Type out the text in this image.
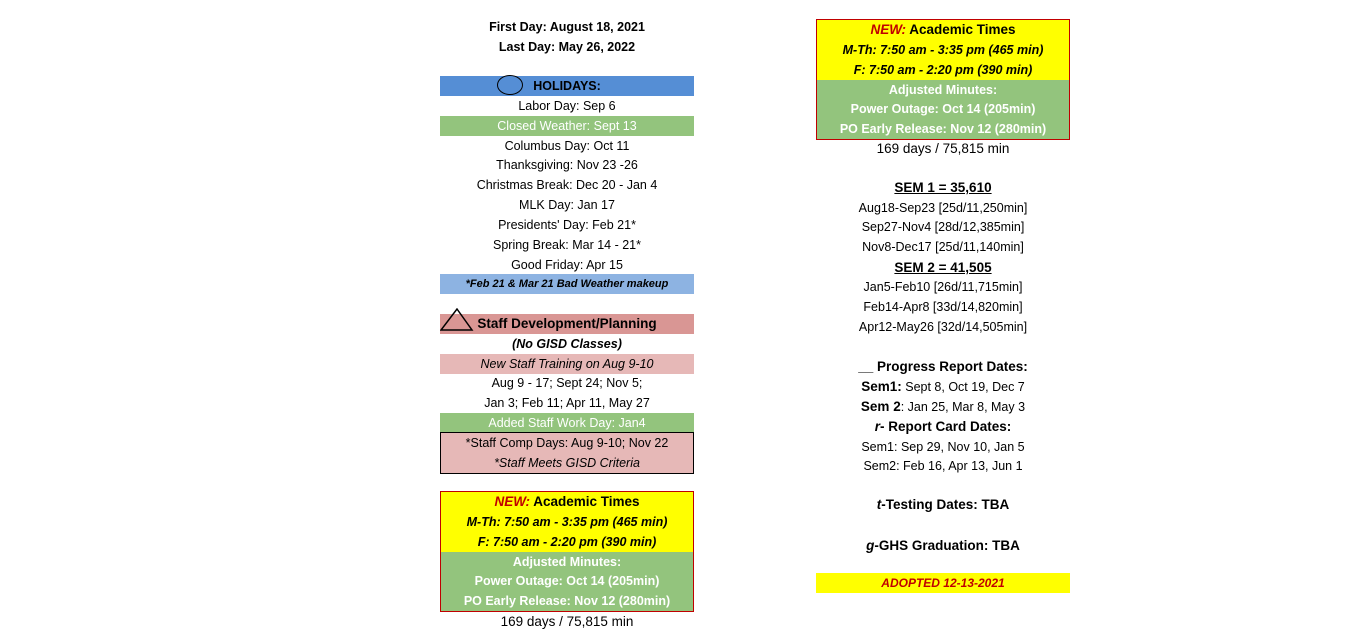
First Day: August 18, 2021
Last Day: May 26, 2022
HOLIDAYS:
Labor Day: Sep 6
Closed Weather: Sept 13
Columbus Day: Oct 11
Thanksgiving: Nov 23 -26
Christmas Break: Dec 20 - Jan 4
MLK Day: Jan 17
Presidents' Day: Feb 21*
Spring Break: Mar 14 - 21*
Good Friday: Apr 15
*Feb 21 & Mar 21 Bad Weather makeup
Staff Development/Planning
(No GISD Classes)
New Staff Training on Aug 9-10
Aug 9 - 17; Sept 24; Nov 5;
Jan 3; Feb 11; Apr 11, May 27
Added Staff Work Day: Jan4
*Staff Comp Days: Aug 9-10; Nov 22
*Staff Meets GISD Criteria
NEW: Academic Times
M-Th: 7:50 am - 3:35 pm (465 min)
F: 7:50 am - 2:20 pm (390 min)
Adjusted Minutes:
Power Outage: Oct 14 (205min)
PO Early Release: Nov 12 (280min)
169 days / 75,815 min
NEW: Academic Times
M-Th: 7:50 am - 3:35 pm (465 min)
F: 7:50 am - 2:20 pm (390 min)
Adjusted Minutes:
Power Outage: Oct 14 (205min)
PO Early Release: Nov 12 (280min)
169 days / 75,815 min
SEM 1 = 35,610
Aug18-Sep23 [25d/11,250min]
Sep27-Nov4 [28d/12,385min]
Nov8-Dec17 [25d/11,140min]
SEM 2 = 41,505
Jan5-Feb10 [26d/11,715min]
Feb14-Apr8 [33d/14,820min]
Apr12-May26 [32d/14,505min]
__ Progress Report Dates:
Sem1: Sept 8, Oct 19, Dec 7
Sem 2: Jan 25, Mar 8, May 3
r- Report Card Dates:
Sem1: Sep 29, Nov 10, Jan 5
Sem2: Feb 16, Apr 13, Jun 1
t-Testing Dates: TBA
g-GHS Graduation: TBA
ADOPTED 12-13-2021
